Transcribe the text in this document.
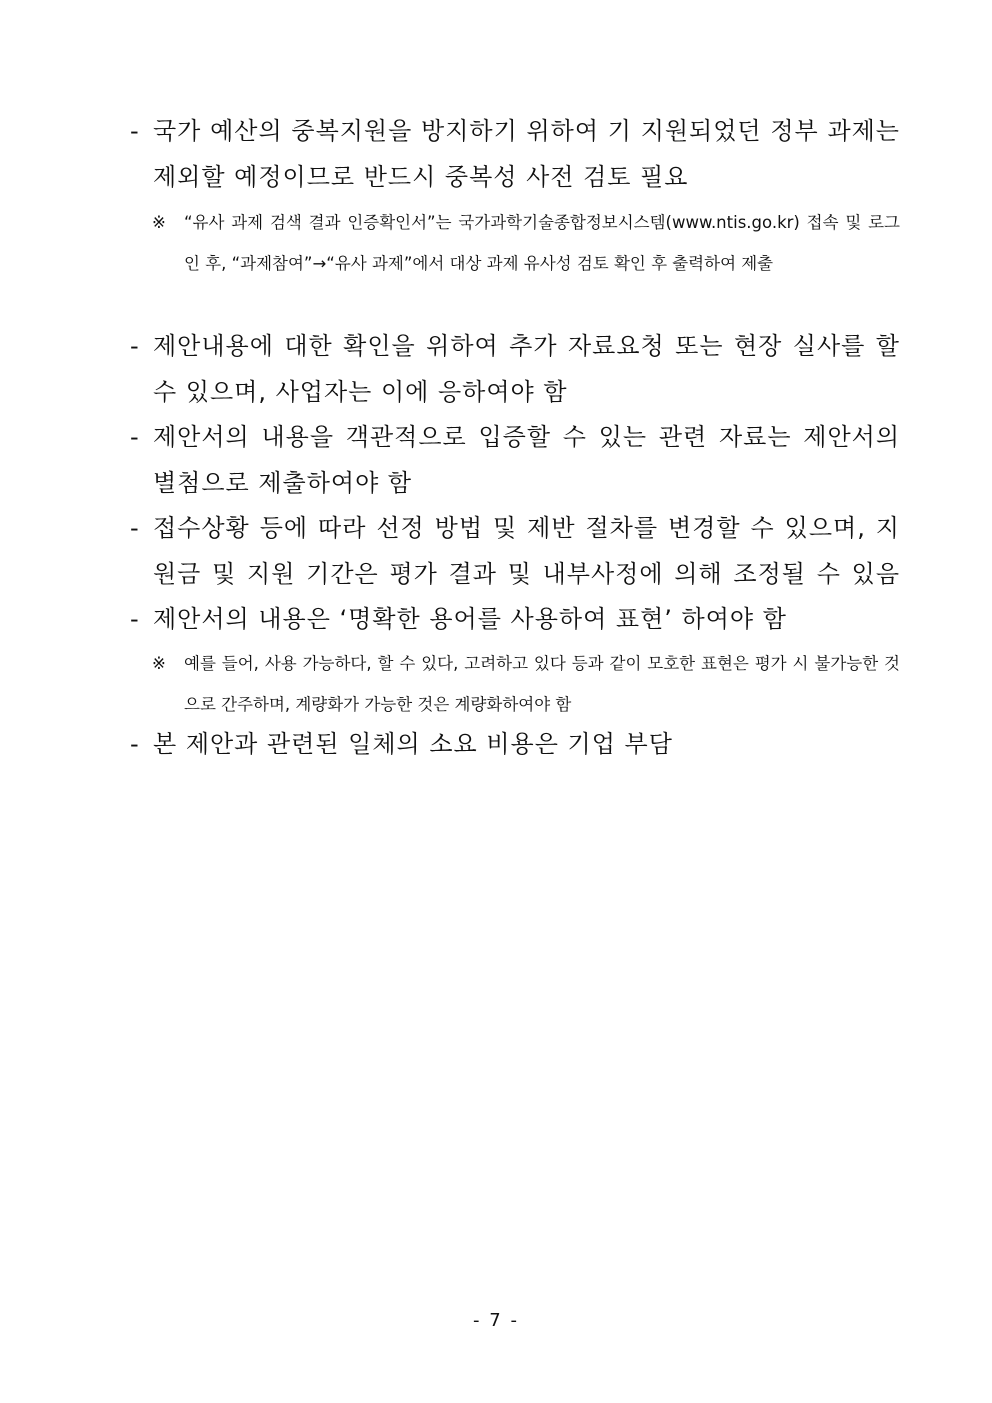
- 국가 예산의 중복지원을 방지하기 위하여 기 지원되었던 정부 과제는 제외할 예정이므로 반드시 중복성 사전 검토 필요
※	“유사 과제 검색 결과 인증확인서”는 국가과학기술종합정보시스템(www.ntis.go.kr) 접속 및 로그인 후, “과제참여”→“유사 과제”에서 대상 과제 유사성 검토 확인 후 출력하여 제출
- 제안내용에 대한 확인을 위하여 추가 자료요청 또는 현장 실사를 할 수 있으며, 사업자는 이에 응하여야 함
- 제안서의 내용을 객관적으로 입증할 수 있는 관련 자료는 제안서의 별첨으로 제출하여야 함
- 접수상황 등에 따라 선정 방법 및 제반 절차를 변경할 수 있으며, 지원금 및 지원 기간은 평가 결과 및 내부사정에 의해 조정될 수 있음
- 제안서의 내용은 ‘명확한 용어를 사용하여 표현’ 하여야 함
※	예를 들어, 사용 가능하다, 할 수 있다, 고려하고 있다 등과 같이 모호한 표현은 평가 시 불가능한 것으로 간주하며, 계량화가 가능한 것은 계량화하여야 함
- 본 제안과 관련된 일체의 소요 비용은 기업 부담
- 7 -
